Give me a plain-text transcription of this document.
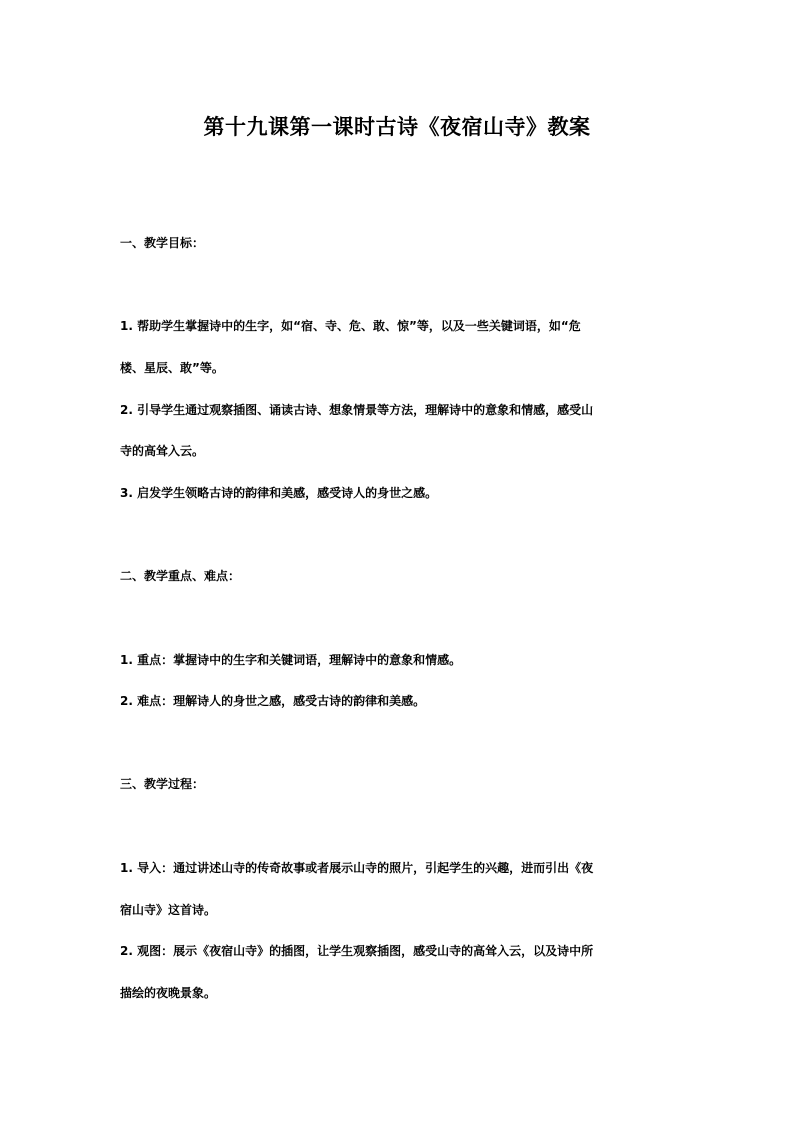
第十九课第一课时古诗《夜宿山寺》教案
一、教学目标：
1. 帮助学生掌握诗中的生字，如“宿、寺、危、敢、惊”等，以及一些关键词语，如“危
楼、星辰、敢”等。
2. 引导学生通过观察插图、诵读古诗、想象情景等方法，理解诗中的意象和情感，感受山
寺的高耸入云。
3. 启发学生领略古诗的韵律和美感，感受诗人的身世之感。
二、教学重点、难点：
1. 重点：掌握诗中的生字和关键词语，理解诗中的意象和情感。
2. 难点：理解诗人的身世之感，感受古诗的韵律和美感。
三、教学过程：
1. 导入：通过讲述山寺的传奇故事或者展示山寺的照片，引起学生的兴趣，进而引出《夜
宿山寺》这首诗。
2. 观图：展示《夜宿山寺》的插图，让学生观察插图，感受山寺的高耸入云，以及诗中所
描绘的夜晚景象。
